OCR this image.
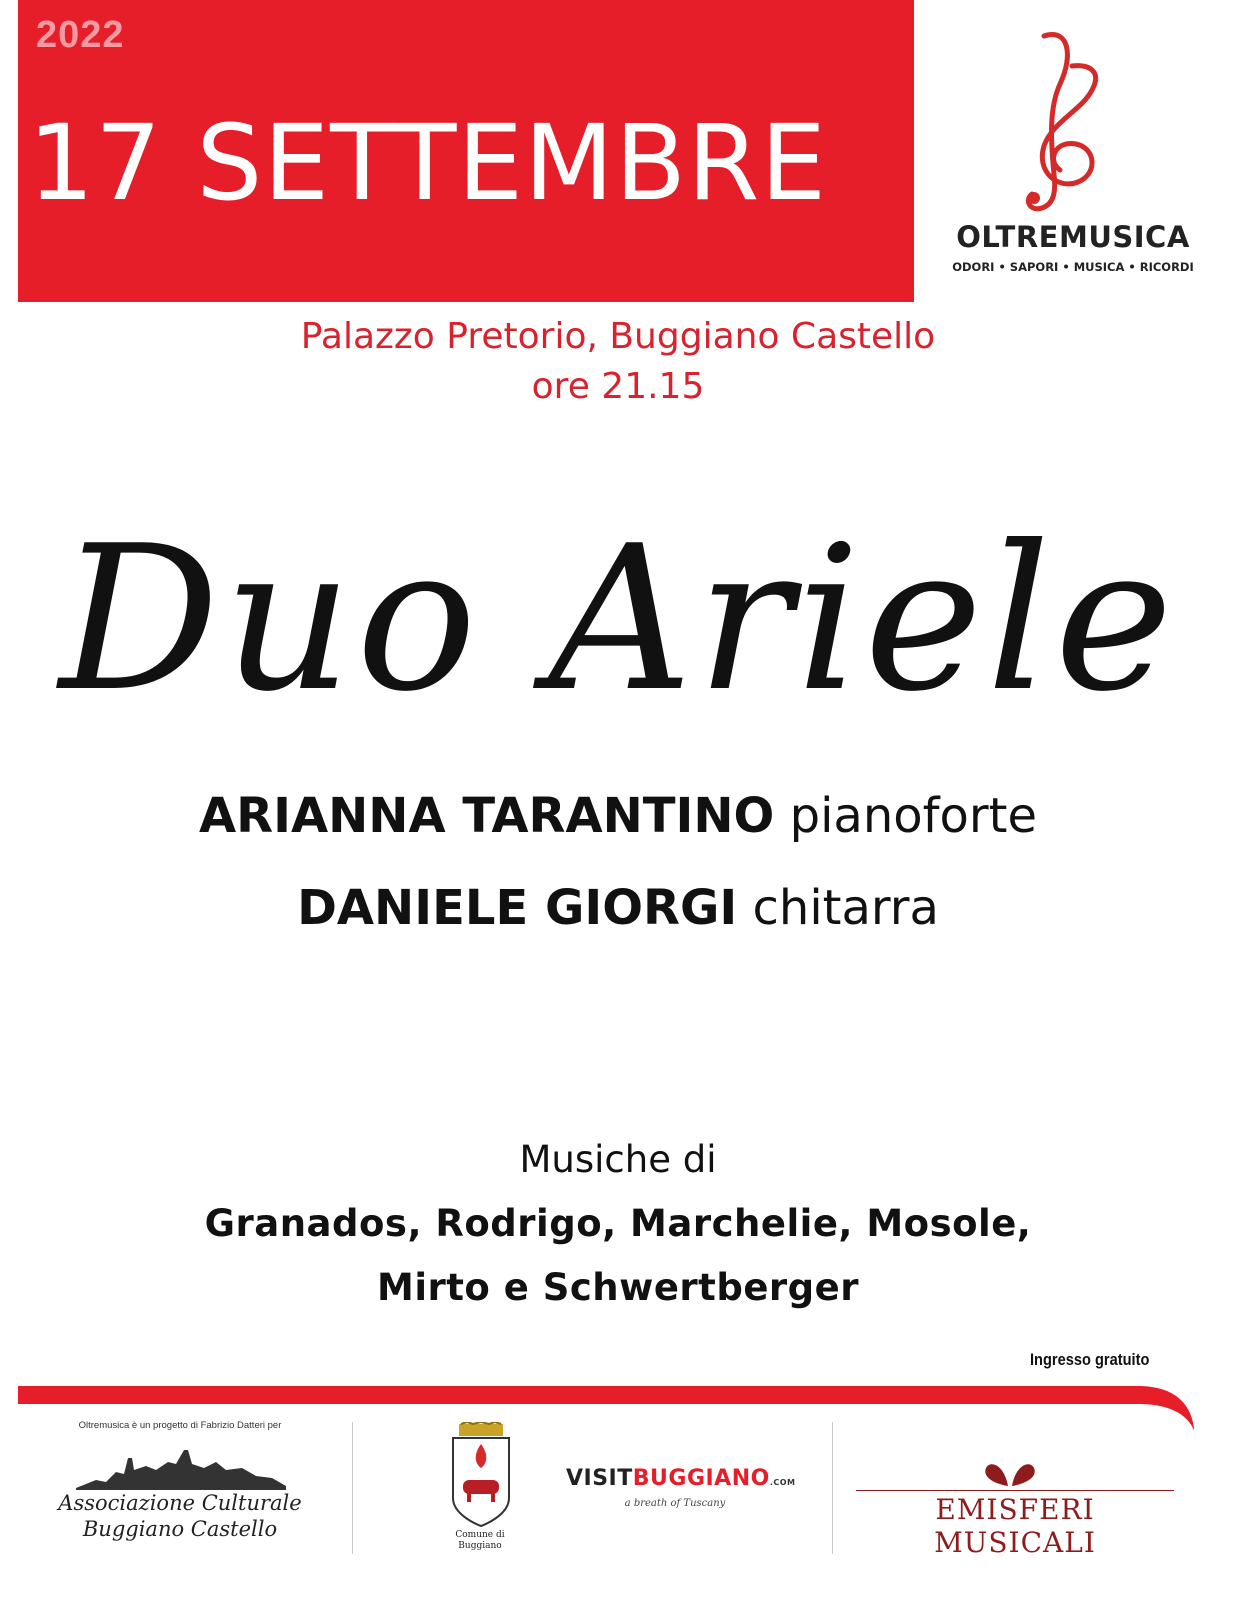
2022
17 SETTEMBRE
OLTREMUSICA
ODORI • SAPORI • MUSICA • RICORDI
Palazzo Pretorio, Buggiano Castello
ore 21.15
Duo Ariele
ARIANNA TARANTINO pianoforte
DANIELE GIORGI chitarra
Musiche di
Granados, Rodrigo, Marchelie, Mosole,
Mirto e Schwertberger
Ingresso gratuito
Oltremusica è un progetto di Fabrizio Datteri per
Associazione Culturale
Buggiano Castello	Comune di
Buggiano
VISITBUGGIANO.COM
a breath of Tuscany	EMISFERI MUSICALI
